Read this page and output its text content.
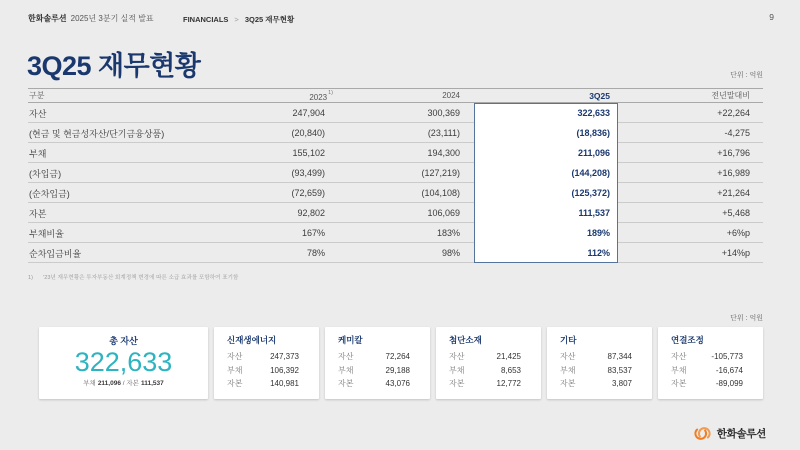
한화솔루션 2025년 3분기 실적 발표	FINANCIALS > 3Q25 재무현황	9
3Q25 재무현황	단위 : 억원
구분	2023$^{1)}$	2024	3Q25	전년말대비
자산	247,904	300,369	322,633	+22,264
(현금 및 현금성자산/단기금융상품)	(20,840)	(23,111)	(18,836)	-4,275
부채	155,102	194,300	211,096	+16,796
(차입금)	(93,499)	(127,219)	(144,208)	+16,989
(순차입금)	(72,659)	(104,108)	(125,372)	+21,264
자본	92,802	106,069	111,537	+5,468
부채비율	167%	183%	189%	+6%p
순차입금비율	78%	98%	112%	+14%p
1) '23년 재무현황은 투자부동산 회계정책 변경에 따른 소급 효과를 포함하여 표기함
단위 : 억원
총 자산
322,633
부채 211,096 / 자본 111,537
신재생에너지
자산	247,373
부채	106,392
자본	140,981
케미칼
자산	72,264
부채	29,188
자본	43,076
첨단소재
자산	21,425
부채	8,653
자본	12,772
기타
자산	87,344
부채	83,537
자본	3,807
연결조정
자산	-105,773
부채	-16,674
자본	-89,099
한화솔루션
